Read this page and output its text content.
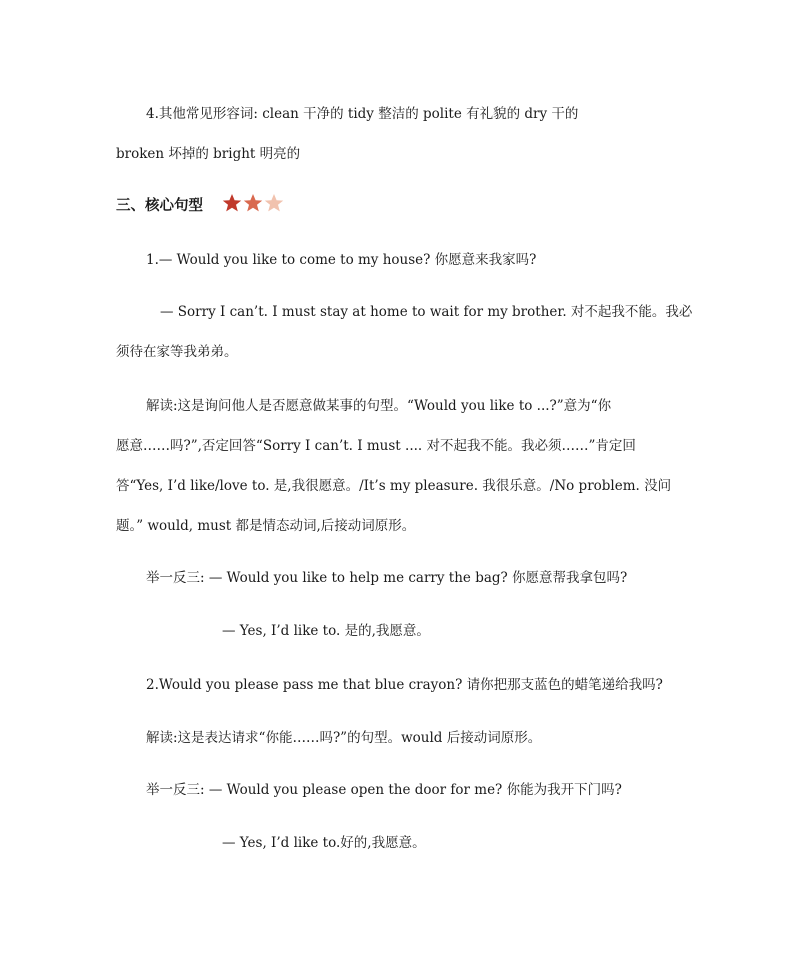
4.其他常见形容词: clean 干净的 tidy 整洁的 polite 有礼貌的 dry 干的
broken 坏掉的 bright 明亮的
三、核心句型
1.— Would you like to come to my house? 你愿意来我家吗?
— Sorry I can’t. I must stay at home to wait for my brother. 对不起我不能。我必
须待在家等我弟弟。
解读:这是询问他人是否愿意做某事的句型。“Would you like to ...?”意为“你
愿意……吗?”,否定回答“Sorry I can’t. I must .... 对不起我不能。我必须……”肯定回
答“Yes, I’d like/love to. 是,我很愿意。/It’s my pleasure. 我很乐意。/No problem. 没问
题。” would, must 都是情态动词,后接动词原形。
举一反三: — Would you like to help me carry the bag? 你愿意帮我拿包吗?
— Yes, I’d like to. 是的,我愿意。
2.Would you please pass me that blue crayon? 请你把那支蓝色的蜡笔递给我吗?
解读:这是表达请求“你能……吗?”的句型。would 后接动词原形。
举一反三: — Would you please open the door for me? 你能为我开下门吗?
— Yes, I’d like to.好的,我愿意。
